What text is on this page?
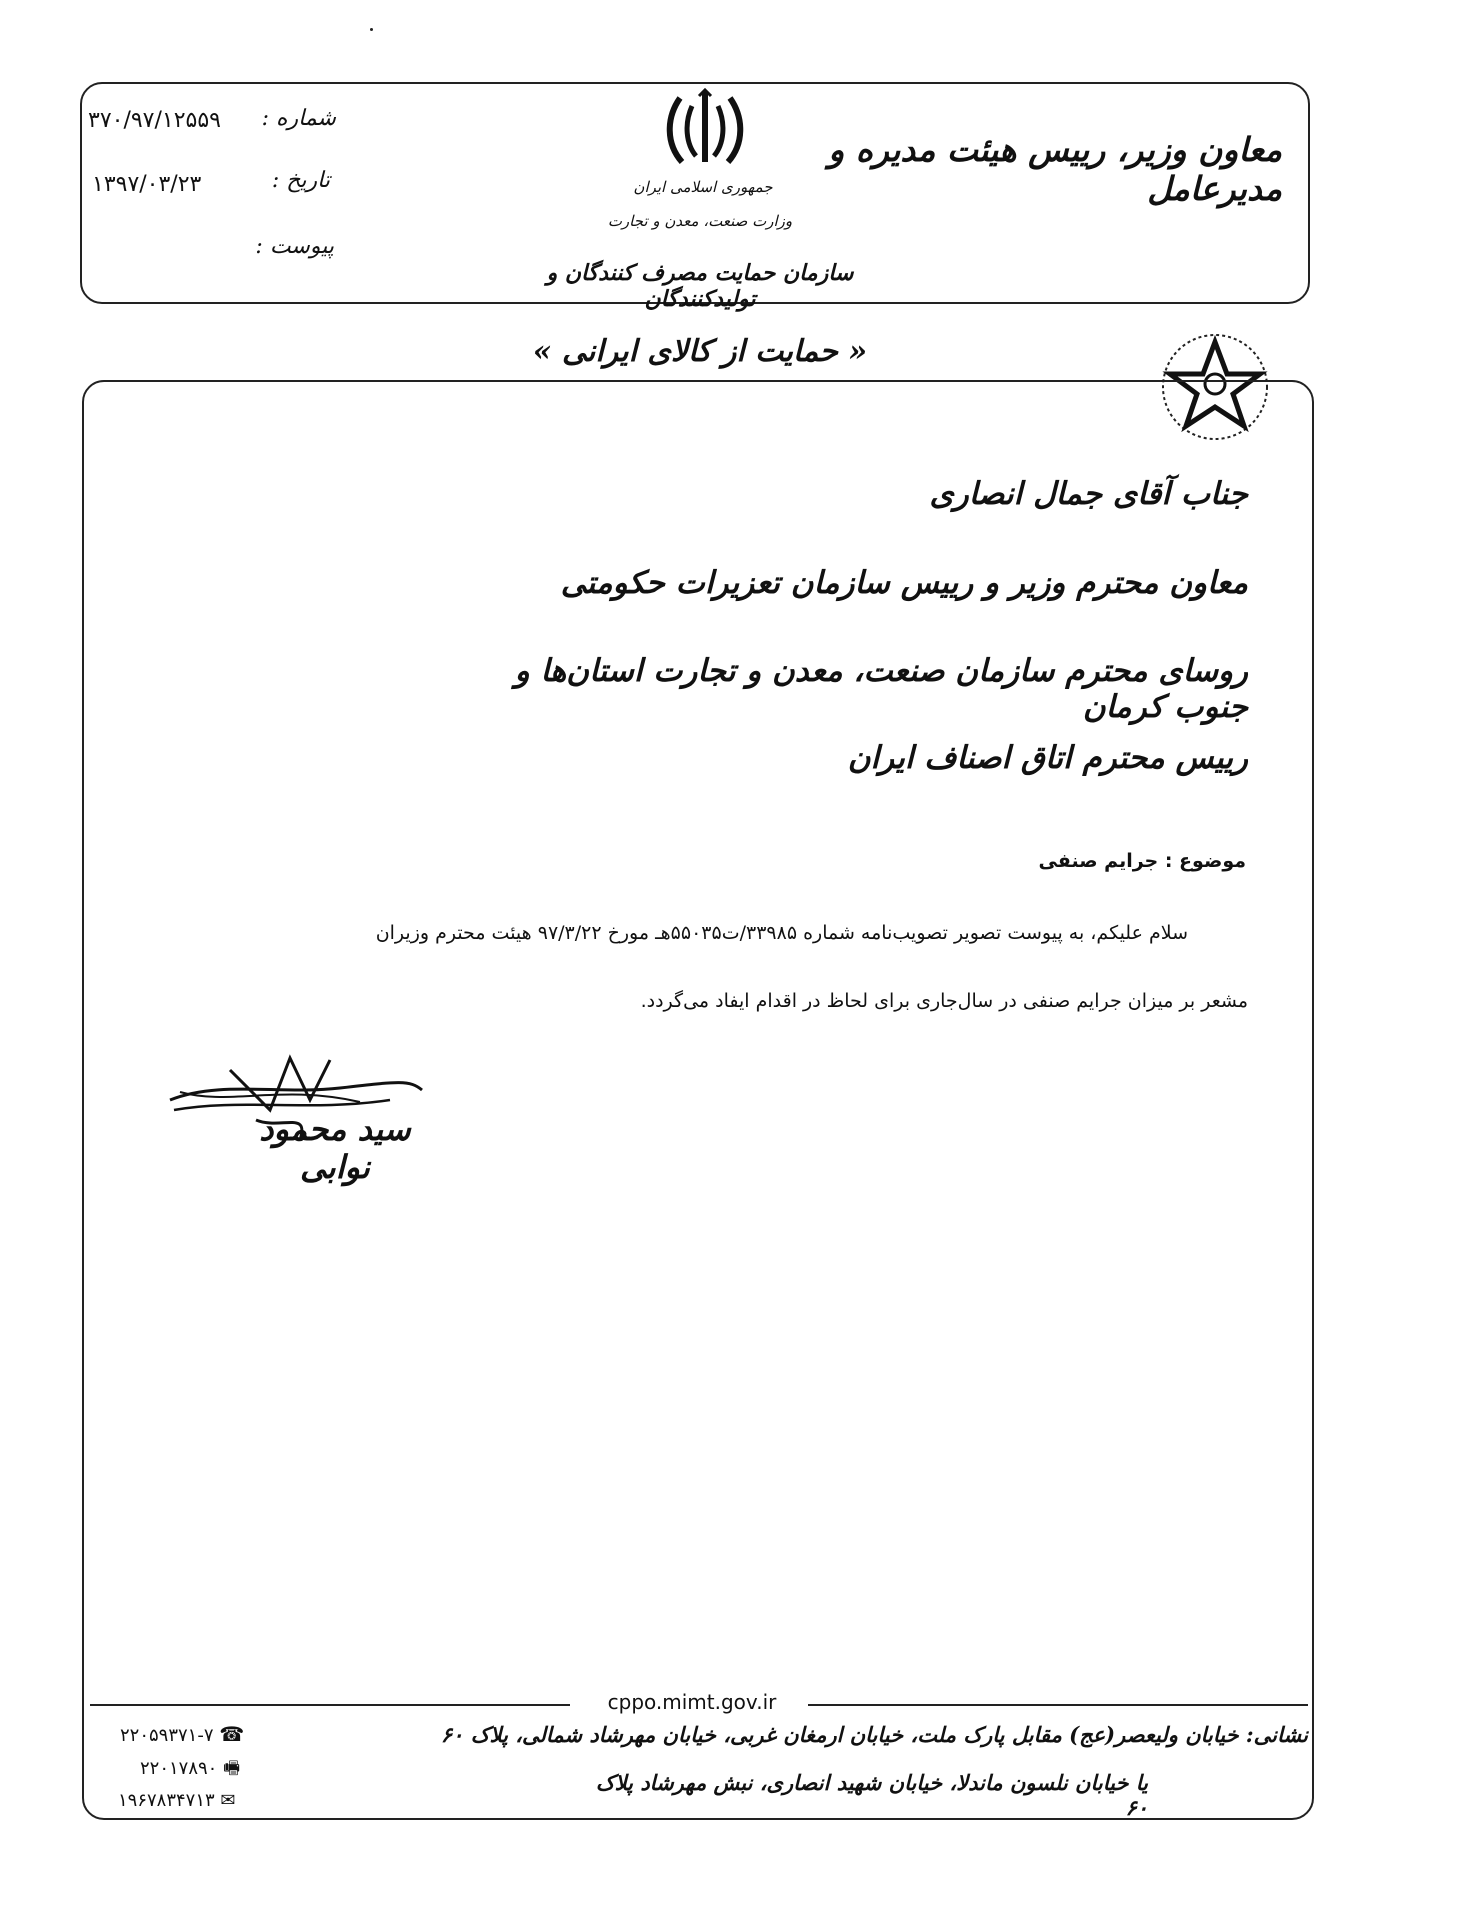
معاون وزیر، رییس هیئت مدیره و مدیرعامل
جمهوری اسلامی ایران
وزارت صنعت، معدن و تجارت
سازمان حمایت مصرف کنندگان و تولیدکنندگان
شماره :
۳۷۰/۹۷/۱۲۵۵۹
تاریخ :
۱۳۹۷/۰۳/۲۳
پیوست :
« حمایت از کالای ایرانی »
جناب آقای جمال انصاری
معاون محترم وزیر و رییس سازمان تعزیرات حکومتی
روسای محترم سازمان صنعت، معدن و تجارت استان‌ها و جنوب کرمان
رییس محترم اتاق اصناف ایران
موضوع : جرایم صنفی
سلام علیکم، به پیوست تصویر تصویب‌نامه شماره ۳۳۹۸۵/ت۵۵۰۳۵هـ مورخ ۹۷/۳/۲۲ هیئت محترم وزیران
مشعر بر میزان جرایم صنفی در سال‌جاری برای لحاظ در اقدام ایفاد می‌گردد.
سید محمود نوابی
cppo.mimt.gov.ir
نشانی: خیابان ولیعصر(عج) مقابل پارک ملت، خیابان ارمغان غربی، خیابان مهرشاد شمالی، پلاک ۶۰
یا خیابان نلسون ماندلا، خیابان شهید انصاری، نبش مهرشاد پلاک ۶۰
۲۲۰۵۹۳۷۱-۷ ☎
۲۲۰۱۷۸۹۰ 🖷
۱۹۶۷۸۳۴۷۱۳ ✉
